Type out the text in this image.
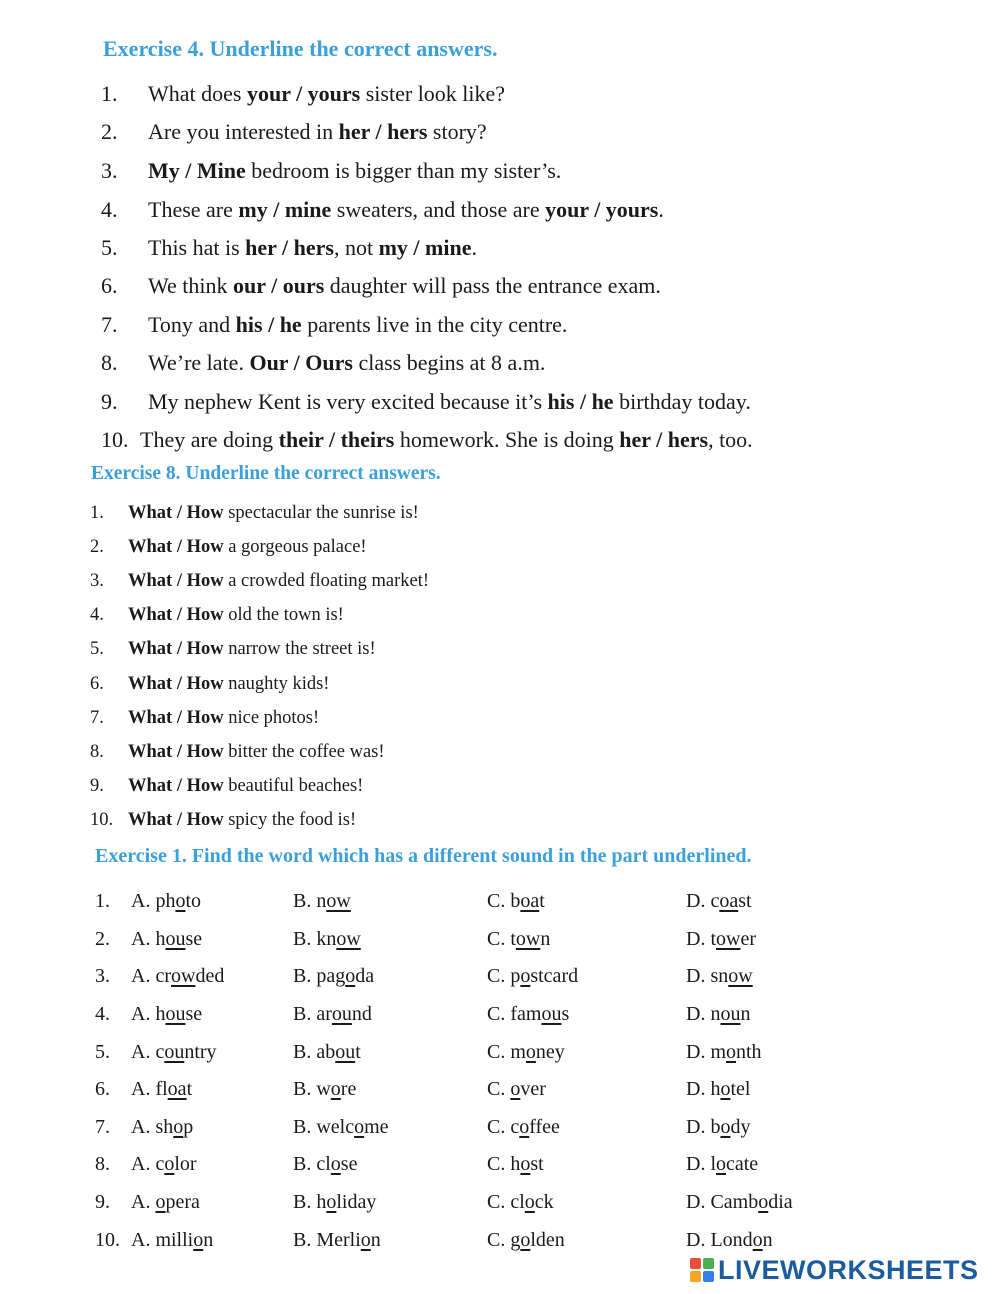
Exercise 4. Underline the correct answers.
1. What does your / yours sister look like?
2. Are you interested in her / hers story?
3. My / Mine bedroom is bigger than my sister’s.
4. These are my / mine sweaters, and those are your / yours.
5. This hat is her / hers, not my / mine.
6. We think our / ours daughter will pass the entrance exam.
7. Tony and his / he parents live in the city centre.
8. We’re late. Our / Ours class begins at 8 a.m.
9. My nephew Kent is very excited because it’s his / he birthday today.
10. They are doing their / theirs homework. She is doing her / hers, too.
Exercise 8. Underline the correct answers.
1. What / How spectacular the sunrise is!
2. What / How a gorgeous palace!
3. What / How a crowded floating market!
4. What / How old the town is!
5. What / How narrow the street is!
6. What / How naughty kids!
7. What / How nice photos!
8. What / How bitter the coffee was!
9. What / How beautiful beaches!
10. What / How spicy the food is!
Exercise 1. Find the word which has a different sound in the part underlined.
1. A. photo	B. now	C. boat	D. coast
2. A. house	B. know	C. town	D. tower
3. A. crowded	B. pagoda	C. postcard	D. snow
4. A. house	B. around	C. famous	D. noun
5. A. country	B. about	C. money	D. month
6. A. float	B. wore	C. over	D. hotel
7. A. shop	B. welcome	C. coffee	D. body
8. A. color	B. close	C. host	D. locate
9. A. opera	B. holiday	C. clock	D. Cambodia
10. A. million	B. Merlion	C. golden	D. London
LIVEWORKSHEETS
